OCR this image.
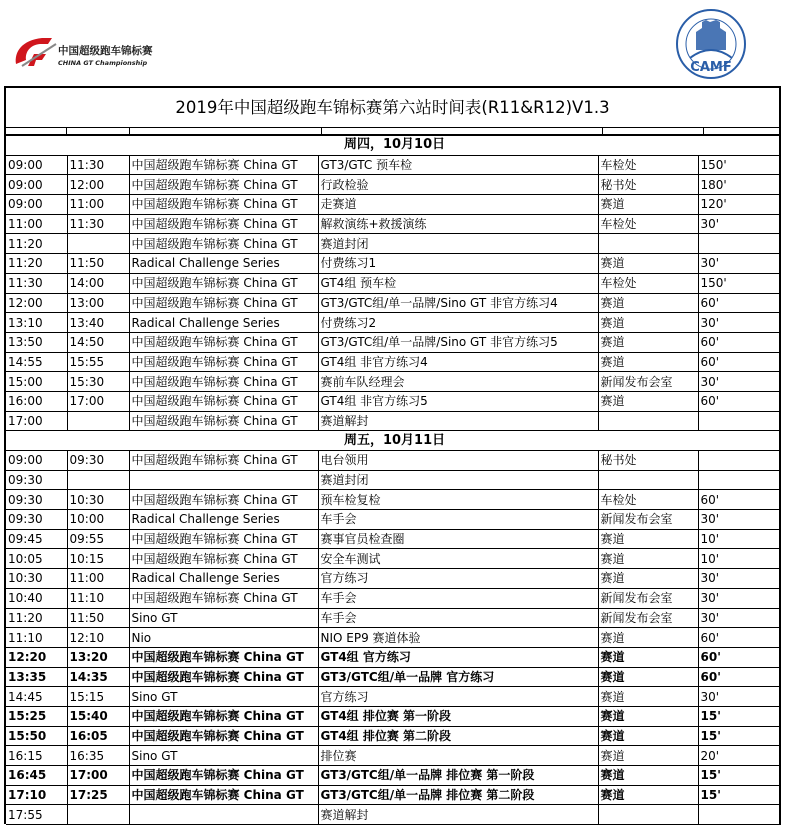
中国超级跑车锦标赛
CHINA GT Championship	CAMF
2019年中国超级跑车锦标赛第六站时间表(R11&R12)V1.3
周四，10月10日					
09:00	11:30	中国超级跑车锦标赛 China GT	GT3/GTC 预车检	车检处	150'
09:00	12:00	中国超级跑车锦标赛 China GT	行政检验	秘书处	180'
09:00	11:00	中国超级跑车锦标赛 China GT	走赛道	赛道	120'
11:00	11:30	中国超级跑车锦标赛 China GT	解救演练+救援演练	车检处	30'
11:20		中国超级跑车锦标赛 China GT	赛道封闭		
11:20	11:50	Radical Challenge Series	付费练习1	赛道	30'
11:30	14:00	中国超级跑车锦标赛 China GT	GT4组 预车检	车检处	150'
12:00	13:00	中国超级跑车锦标赛 China GT	GT3/GTC组/单一品牌/Sino GT 非官方练习4	赛道	60'
13:10	13:40	Radical Challenge Series	付费练习2	赛道	30'
13:50	14:50	中国超级跑车锦标赛 China GT	GT3/GTC组/单一品牌/Sino GT 非官方练习5	赛道	60'
14:55	15:55	中国超级跑车锦标赛 China GT	GT4组 非官方练习4	赛道	60'
15:00	15:30	中国超级跑车锦标赛 China GT	赛前车队经理会	新闻发布会室	30'
16:00	17:00	中国超级跑车锦标赛 China GT	GT4组 非官方练习5	赛道	60'
17:00		中国超级跑车锦标赛 China GT	赛道解封		
周五，10月11日					
09:00	09:30	中国超级跑车锦标赛 China GT	电台领用	秘书处	
09:30			赛道封闭		
09:30	10:30	中国超级跑车锦标赛 China GT	预车检复检	车检处	60'
09:30	10:00	Radical Challenge Series	车手会	新闻发布会室	30'
09:45	09:55	中国超级跑车锦标赛 China GT	赛事官员检查圈	赛道	10'
10:05	10:15	中国超级跑车锦标赛 China GT	安全车测试	赛道	10'
10:30	11:00	Radical Challenge Series	官方练习	赛道	30'
10:40	11:10	中国超级跑车锦标赛 China GT	车手会	新闻发布会室	30'
11:20	11:50	Sino GT	车手会	新闻发布会室	30'
11:10	12:10	Nio	NIO EP9 赛道体验	赛道	60'
12:20	13:20	中国超级跑车锦标赛 China GT	GT4组 官方练习	赛道	60'
13:35	14:35	中国超级跑车锦标赛 China GT	GT3/GTC组/单一品牌 官方练习	赛道	60'
14:45	15:15	Sino GT	官方练习	赛道	30'
15:25	15:40	中国超级跑车锦标赛 China GT	GT4组 排位赛 第一阶段	赛道	15'
15:50	16:05	中国超级跑车锦标赛 China GT	GT4组 排位赛 第二阶段	赛道	15'
16:15	16:35	Sino GT	排位赛	赛道	20'
16:45	17:00	中国超级跑车锦标赛 China GT	GT3/GTC组/单一品牌 排位赛 第一阶段	赛道	15'
17:10	17:25	中国超级跑车锦标赛 China GT	GT3/GTC组/单一品牌 排位赛 第二阶段	赛道	15'
17:55			赛道解封		
